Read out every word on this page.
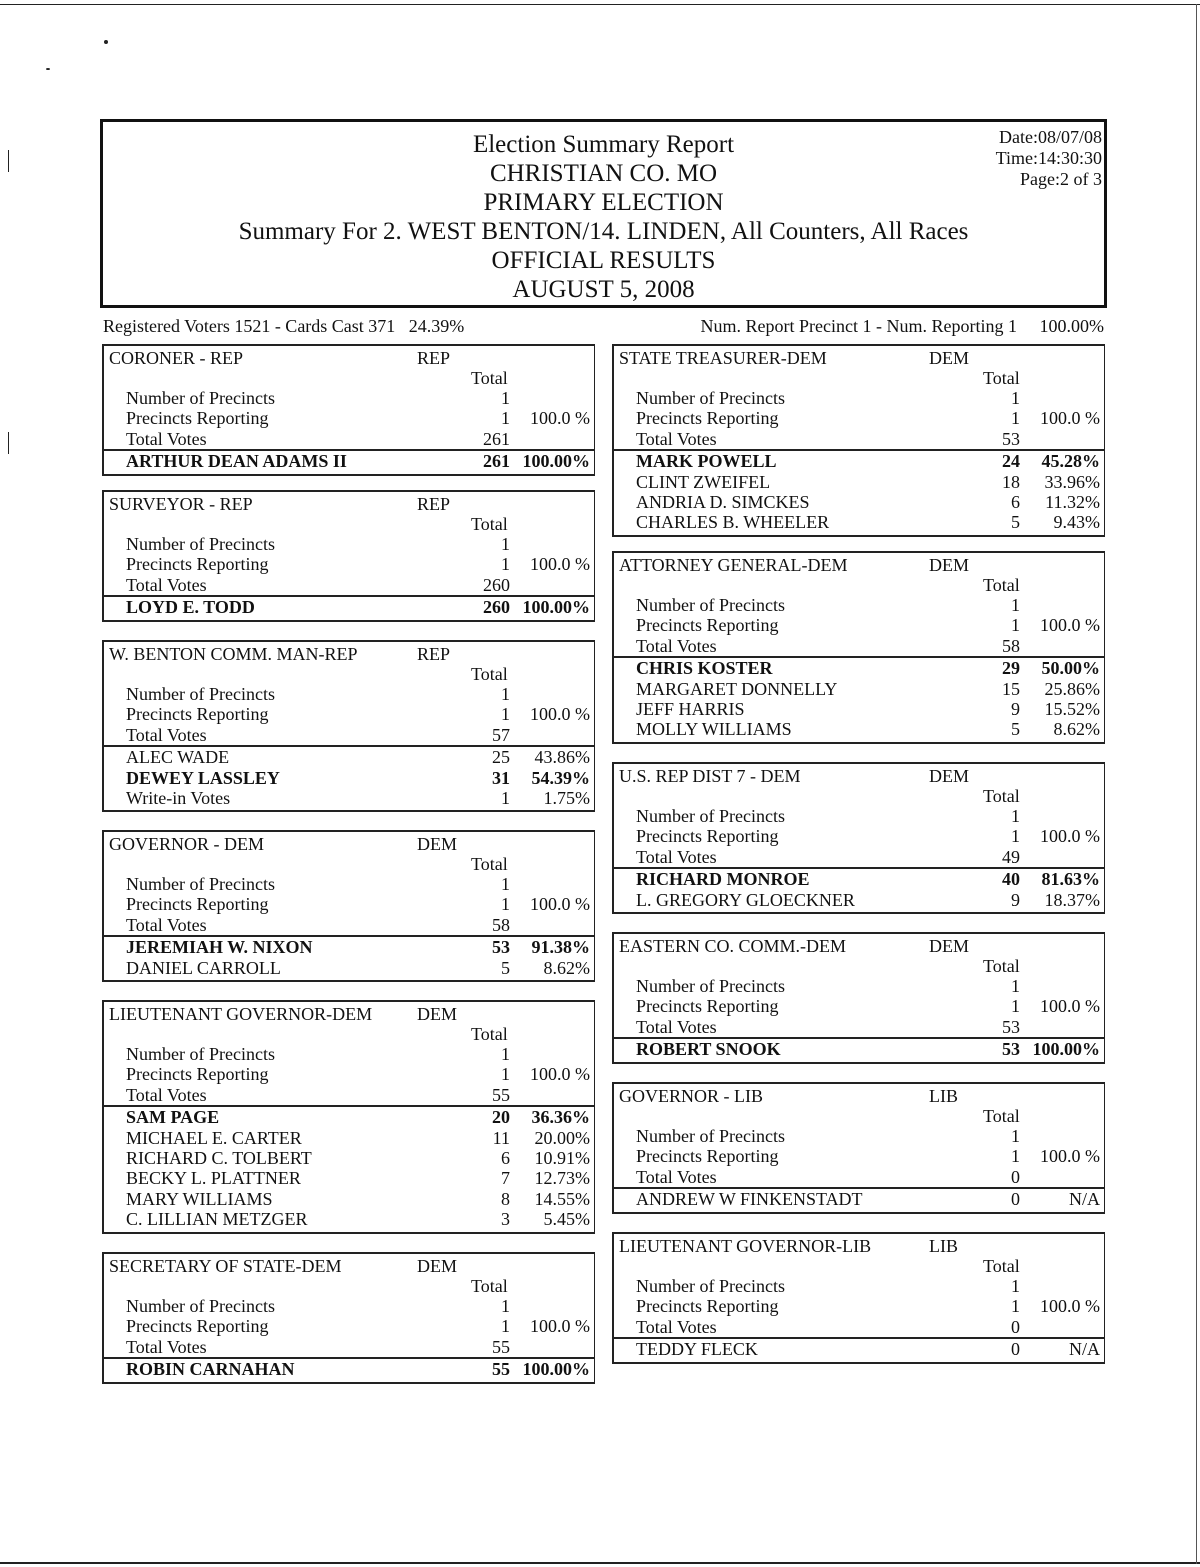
Election Summary Report
CHRISTIAN CO. MO
PRIMARY ELECTION
Summary For 2. WEST BENTON/14. LINDEN, All Counters, All Races
OFFICIAL RESULTS
AUGUST 5, 2008
Date:08/07/08
Time:14:30:30
Page:2 of 3
Registered Voters 1521 - Cards Cast 371   24.39%	Num. Report Precinct 1 - Num. Reporting 1     100.00%
CORONER - REP	REP
Total
Number of Precincts	1
Precincts Reporting	1	100.0 %
Total Votes	261
ARTHUR DEAN ADAMS II	261 100.00%
SURVEYOR - REP	REP
Total
Number of Precincts	1
Precincts Reporting	1	100.0 %
Total Votes	260
LOYD E. TODD	260 100.00%
W. BENTON COMM. MAN-REP	REP
Total
Number of Precincts	1
Precincts Reporting	1	100.0 %
Total Votes	57
ALEC WADE	25	43.86%
DEWEY LASSLEY	31	54.39%
Write-in Votes	1	1.75%
GOVERNOR - DEM	DEM
Total
Number of Precincts	1
Precincts Reporting	1	100.0 %
Total Votes	58
JEREMIAH W. NIXON	53	91.38%
DANIEL CARROLL	5	8.62%
LIEUTENANT GOVERNOR-DEM DEM
Total
Number of Precincts	1
Precincts Reporting	1	100.0 %
Total Votes	55
SAM PAGE	20	36.36%
MICHAEL E. CARTER	11	20.00%
RICHARD C. TOLBERT	6	10.91%
BECKY L. PLATTNER	7	12.73%
MARY WILLIAMS	8	14.55%
C. LILLIAN METZGER	3	5.45%
SECRETARY OF STATE-DEM	DEM
Total
Number of Precincts	1
Precincts Reporting	1	100.0 %
Total Votes	55
ROBIN CARNAHAN	55 100.00%
STATE TREASURER-DEM	DEM
Total
Number of Precincts	1
Precincts Reporting	1	100.0 %
Total Votes	53
MARK POWELL	24	45.28%
CLINT ZWEIFEL	18	33.96%
ANDRIA D. SIMCKES	6	11.32%
CHARLES B. WHEELER	5	9.43%
ATTORNEY GENERAL-DEM	DEM
Total
Number of Precincts	1
Precincts Reporting	1	100.0 %
Total Votes	58
CHRIS KOSTER	29	50.00%
MARGARET DONNELLY	15	25.86%
JEFF HARRIS	9	15.52%
MOLLY WILLIAMS	5	8.62%
U.S. REP DIST 7 - DEM	DEM
Total
Number of Precincts	1
Precincts Reporting	1	100.0 %
Total Votes	49
RICHARD MONROE	40	81.63%
L. GREGORY GLOECKNER	9	18.37%
EASTERN CO. COMM.-DEM	DEM
Total
Number of Precincts	1
Precincts Reporting	1	100.0 %
Total Votes	53
ROBERT SNOOK	53 100.00%
GOVERNOR - LIB	LIB
Total
Number of Precincts	1
Precincts Reporting	1	100.0 %
Total Votes	0
ANDREW W FINKENSTADT	0	N/A
LIEUTENANT GOVERNOR-LIB	LIB
Total
Number of Precincts	1
Precincts Reporting	1	100.0 %
Total Votes	0
TEDDY FLECK	0	N/A
